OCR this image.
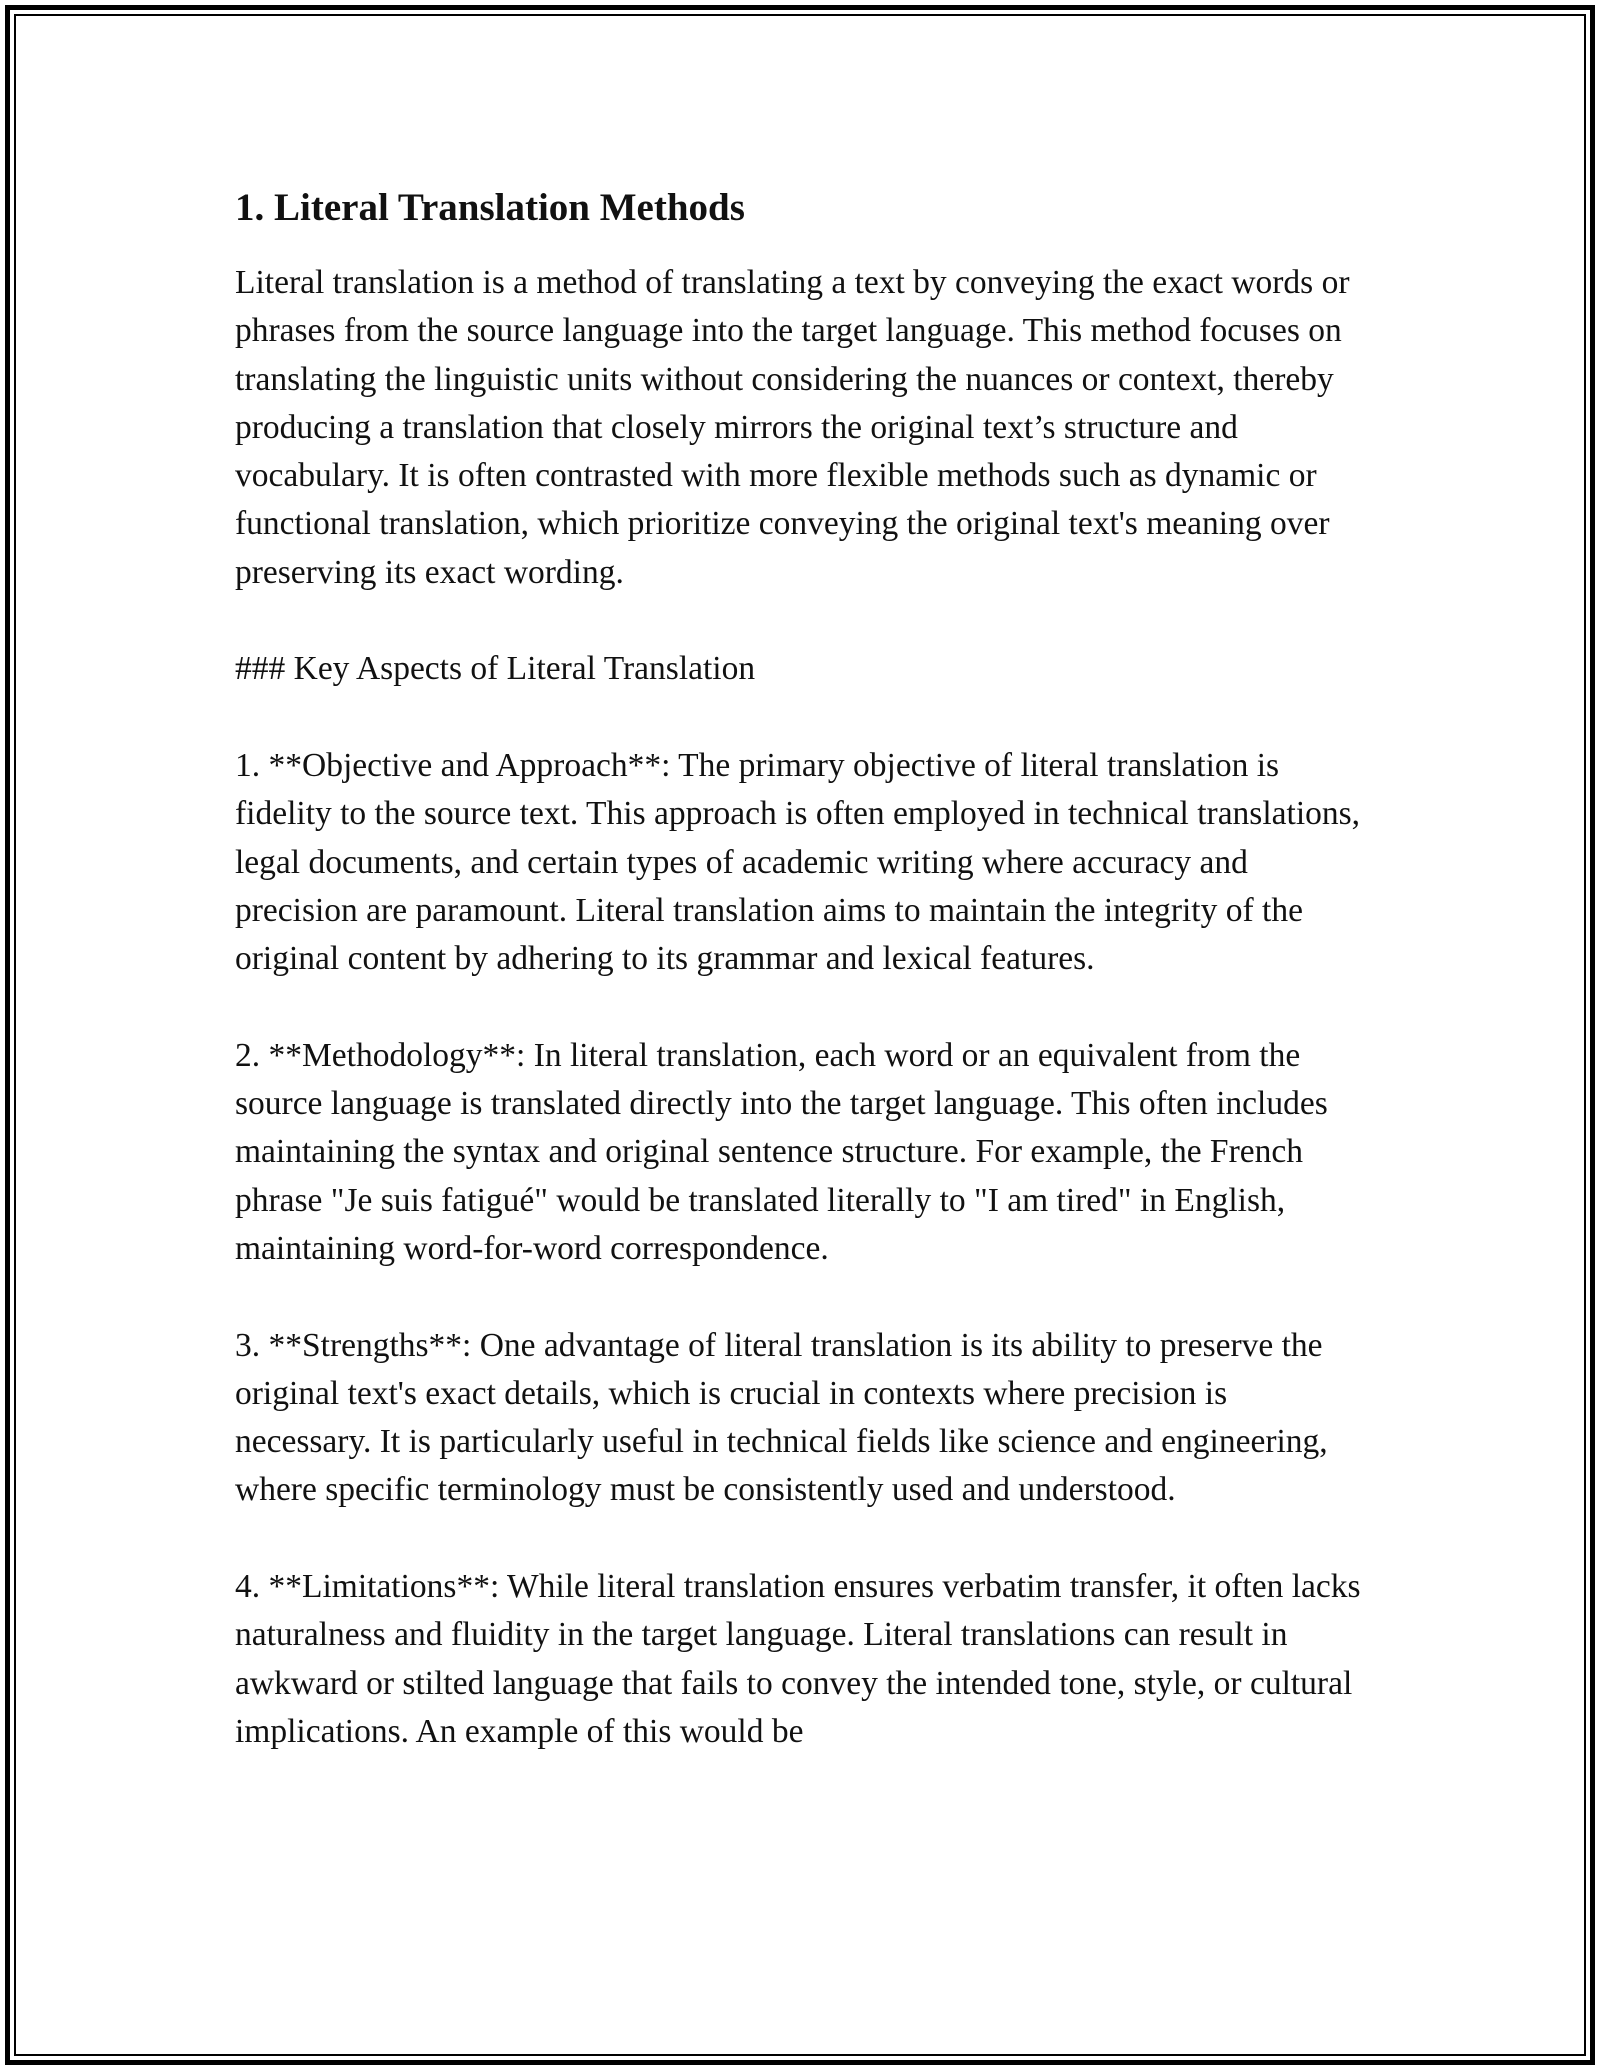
1. Literal Translation Methods

Literal translation is a method of translating a text by conveying the exact words or phrases from the source language into the target language. This method focuses on translating the linguistic units without considering the nuances or context, thereby producing a translation that closely mirrors the original text’s structure and vocabulary. It is often contrasted with more flexible methods such as dynamic or functional translation, which prioritize conveying the original text's meaning over preserving its exact wording.

### Key Aspects of Literal Translation

1. **Objective and Approach**: The primary objective of literal translation is fidelity to the source text. This approach is often employed in technical translations, legal documents, and certain types of academic writing where accuracy and precision are paramount. Literal translation aims to maintain the integrity of the original content by adhering to its grammar and lexical features.

2. **Methodology**: In literal translation, each word or an equivalent from the source language is translated directly into the target language. This often includes maintaining the syntax and original sentence structure. For example, the French phrase "Je suis fatigué" would be translated literally to "I am tired" in English, maintaining word-for-word correspondence.

3. **Strengths**: One advantage of literal translation is its ability to preserve the original text's exact details, which is crucial in contexts where precision is necessary. It is particularly useful in technical fields like science and engineering, where specific terminology must be consistently used and understood.

4. **Limitations**: While literal translation ensures verbatim transfer, it often lacks naturalness and fluidity in the target language. Literal translations can result in awkward or stilted language that fails to convey the intended tone, style, or cultural implications. An example of this would be
